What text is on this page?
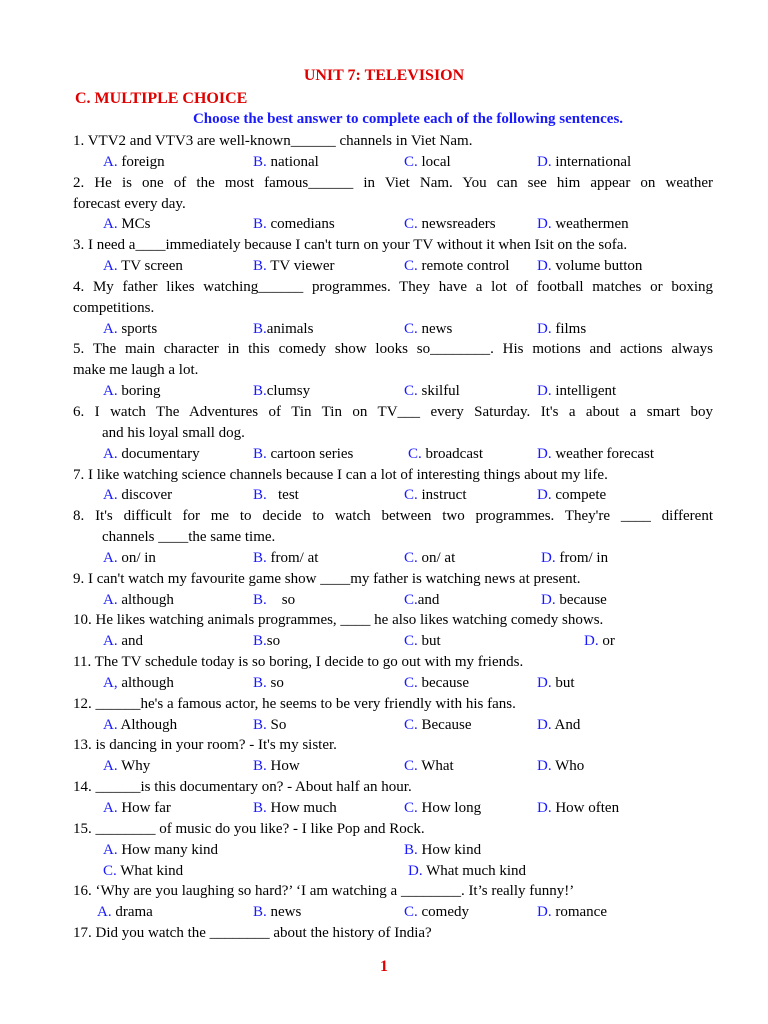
UNIT 7: TELEVISION
C. MULTIPLE CHOICE
Choose the best answer to complete each of the following sentences.
1. VTV2 and VTV3 are well-known______ channels in Viet Nam.
A. foreign	B. national	C. local	D. international
2. He is one of the most famous______ in Viet Nam. You can see him appear on weather
forecast every day.
A. MCs	B. comedians	C. newsreaders	D. weathermen
3. I need a____immediately because I can't turn on your TV without it when Isit on the sofa.
A. TV screen	B. TV viewer	C. remote control D. volume button
4. My father likes watching______ programmes. They have a lot of football matches or boxing
competitions.
A. sports	B.animals	C. news	D. films
5. The main character in this comedy show looks so________. His motions and actions always
make me laugh a lot.
A. boring	B.clumsy	C. skilful	D. intelligent
6. I watch The Adventures of Tin Tin on TV___ every Saturday. It's a about a smart boy
and his loyal small dog.
A. documentary	B. cartoon series	C. broadcast	D. weather forecast
7. I like watching science channels because I can a lot of interesting things about my life.
A. discover	B.   test	C. instruct	D. compete
8. It's difficult for me to decide to watch between two programmes. They're ____ different
channels ____the same time.
A. on/ in	B. from/ at	C. on/ at	D. from/ in
9. I can't watch my favourite game show ____my father is watching news at present.
A. although	B.    so	C.and	D. because
10. He likes watching animals programmes, ____ he also likes watching comedy shows.
A. and	B.so	C. but	D. or
11. The TV schedule today is so boring, I decide to go out with my friends.
A, although	B. so	C. because	D. but
12. ______he's a famous actor, he seems to be very friendly with his fans.
A. Although	B. So	C. Because	D. And
13. is dancing in your room? - It's my sister.
A. Why	B. How	C. What	D. Who
14. ______is this documentary on? - About half an hour.
A. How far	B. How much	C. How long	D. How often
15. ________ of music do you like? - I like Pop and Rock.
A. How many kind	B. How kind
C. What kind	D. What much kind
16. ‘Why are you laughing so hard?’ ‘I am watching a ________. It’s really funny!’
A. drama	B. news	C. comedy	D. romance
17. Did you watch the ________ about the history of India?
1
